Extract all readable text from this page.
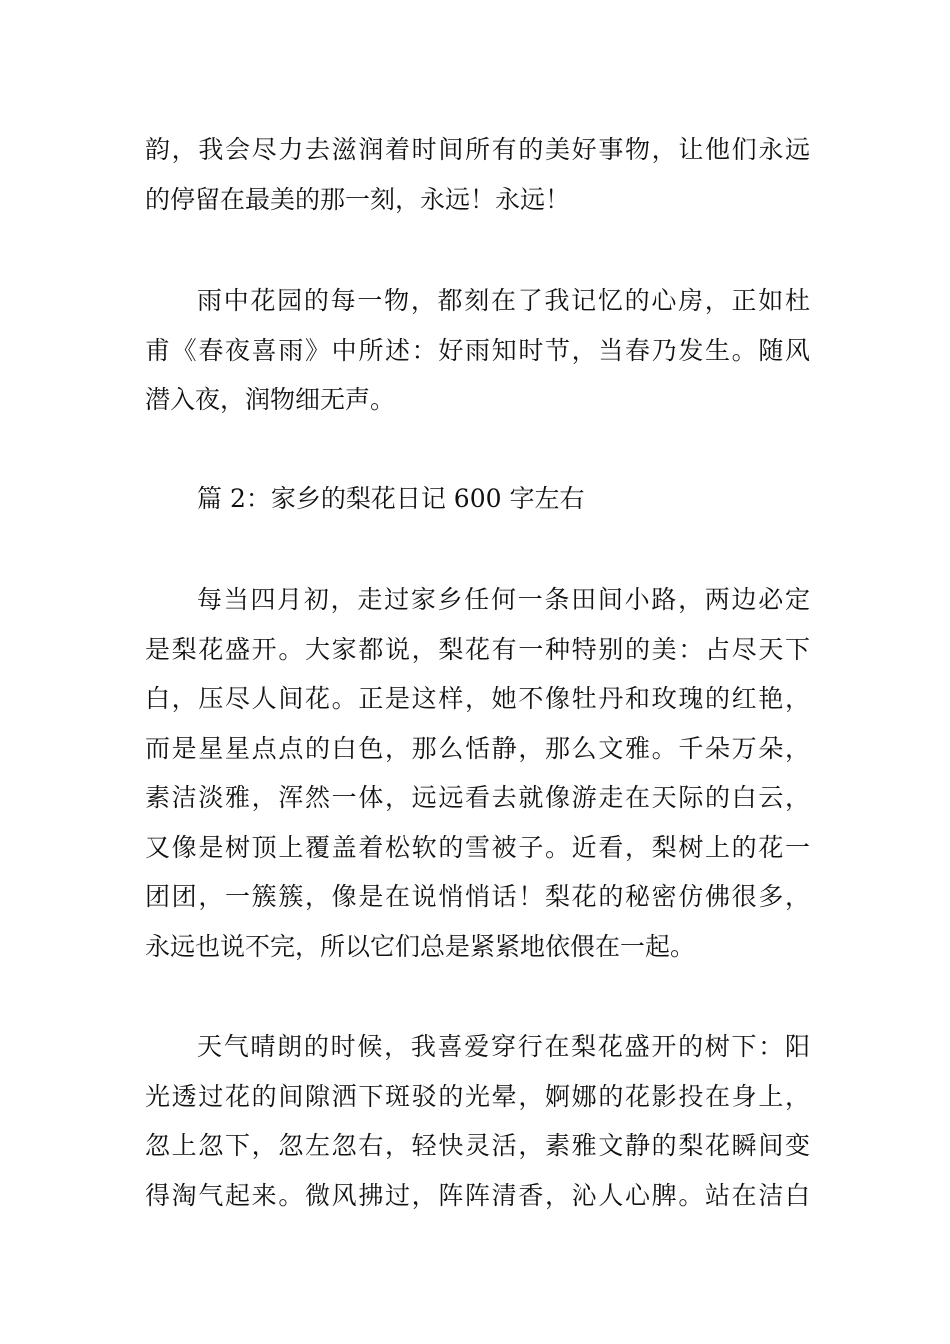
韵，我会尽力去滋润着时间所有的美好事物，让他们永远
的停留在最美的那一刻，永远！永远！

雨中花园的每一物，都刻在了我记忆的心房，正如杜
甫《春夜喜雨》中所述：好雨知时节，当春乃发生。随风
潜入夜，润物细无声。

篇 2：家乡的梨花日记 600 字左右

每当四月初，走过家乡任何一条田间小路，两边必定
是梨花盛开。大家都说，梨花有一种特别的美：占尽天下
白，压尽人间花。正是这样，她不像牡丹和玫瑰的红艳，
而是星星点点的白色，那么恬静，那么文雅。千朵万朵，
素洁淡雅，浑然一体，远远看去就像游走在天际的白云，
又像是树顶上覆盖着松软的雪被子。近看，梨树上的花一
团团，一簇簇，像是在说悄悄话！梨花的秘密仿佛很多，
永远也说不完，所以它们总是紧紧地依偎在一起。

天气晴朗的时候，我喜爱穿行在梨花盛开的树下：阳
光透过花的间隙洒下斑驳的光晕，婀娜的花影投在身上，
忽上忽下，忽左忽右，轻快灵活，素雅文静的梨花瞬间变
得淘气起来。微风拂过，阵阵清香，沁人心脾。站在洁白
